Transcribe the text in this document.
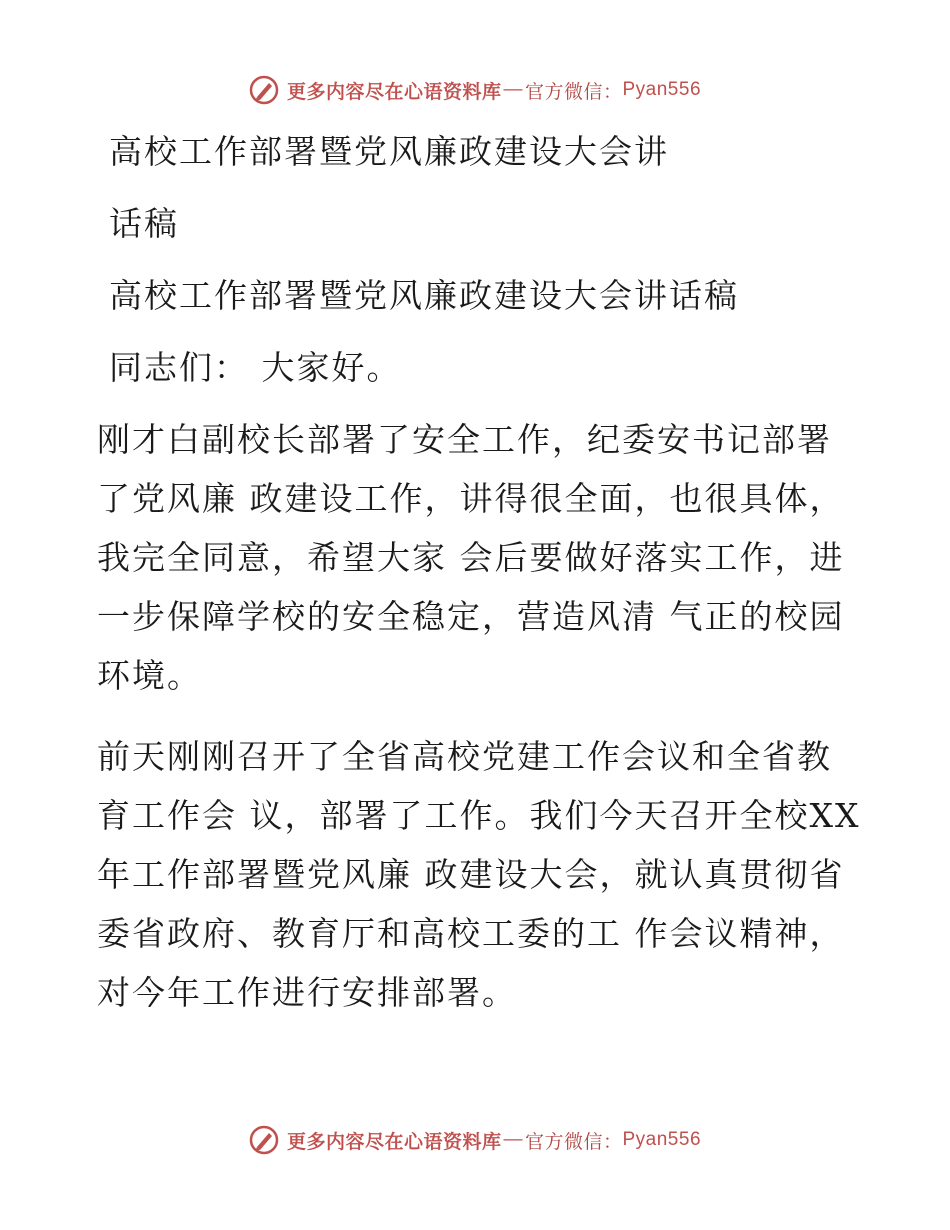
更多内容尽在心语资料库 — 官方微信： Pyan556
高校工作部署暨党风廉政建设大会讲
话稿
高校工作部署暨党风廉政建设大会讲话稿
同志们： 大家好。
刚才白副校长部署了安全工作，纪委安书记部署
了党风廉 政建设工作，讲得很全面，也很具体，
我完全同意，希望大家 会后要做好落实工作，进
一步保障学校的安全稳定，营造风清 气正的校园
环境。
前天刚刚召开了全省高校党建工作会议和全省教
育工作会 议，部署了工作。我们今天召开全校XX
年工作部署暨党风廉 政建设大会，就认真贯彻省
委省政府、教育厅和高校工委的工 作会议精神，
对今年工作进行安排部署。
更多内容尽在心语资料库 — 官方微信： Pyan556
